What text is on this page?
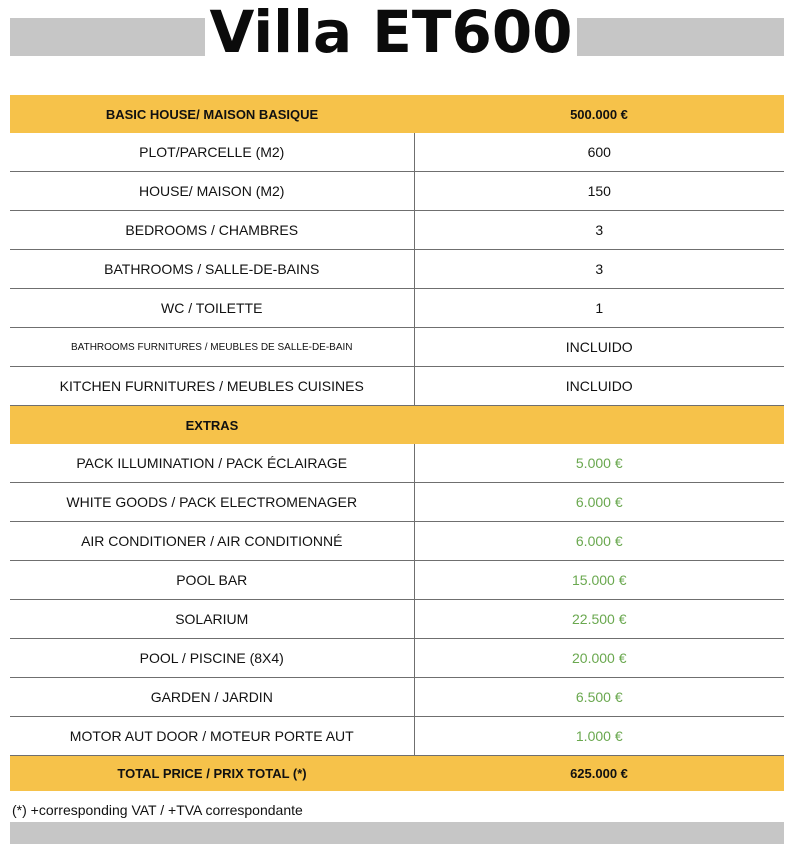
Villa ET600
BASIC HOUSE/ MAISON BASIQUE	500.000 €
PLOT/PARCELLE (M2)	600
HOUSE/ MAISON (M2)	150
BEDROOMS / CHAMBRES	3
BATHROOMS / SALLE-DE-BAINS	3
WC / TOILETTE	1
BATHROOMS FURNITURES / MEUBLES DE SALLE-DE-BAIN	INCLUIDO
KITCHEN FURNITURES / MEUBLES CUISINES	INCLUIDO
EXTRAS	
PACK ILLUMINATION / PACK ÉCLAIRAGE	5.000 €
WHITE GOODS / PACK ELECTROMENAGER	6.000 €
AIR CONDITIONER / AIR CONDITIONNÉ	6.000 €
POOL BAR	15.000 €
SOLARIUM	22.500 €
POOL / PISCINE (8X4)	20.000 €
GARDEN / JARDIN	6.500 €
MOTOR AUT DOOR / MOTEUR PORTE AUT	1.000 €
TOTAL PRICE / PRIX TOTAL (*)	625.000 €
(*) +corresponding VAT / +TVA correspondante
